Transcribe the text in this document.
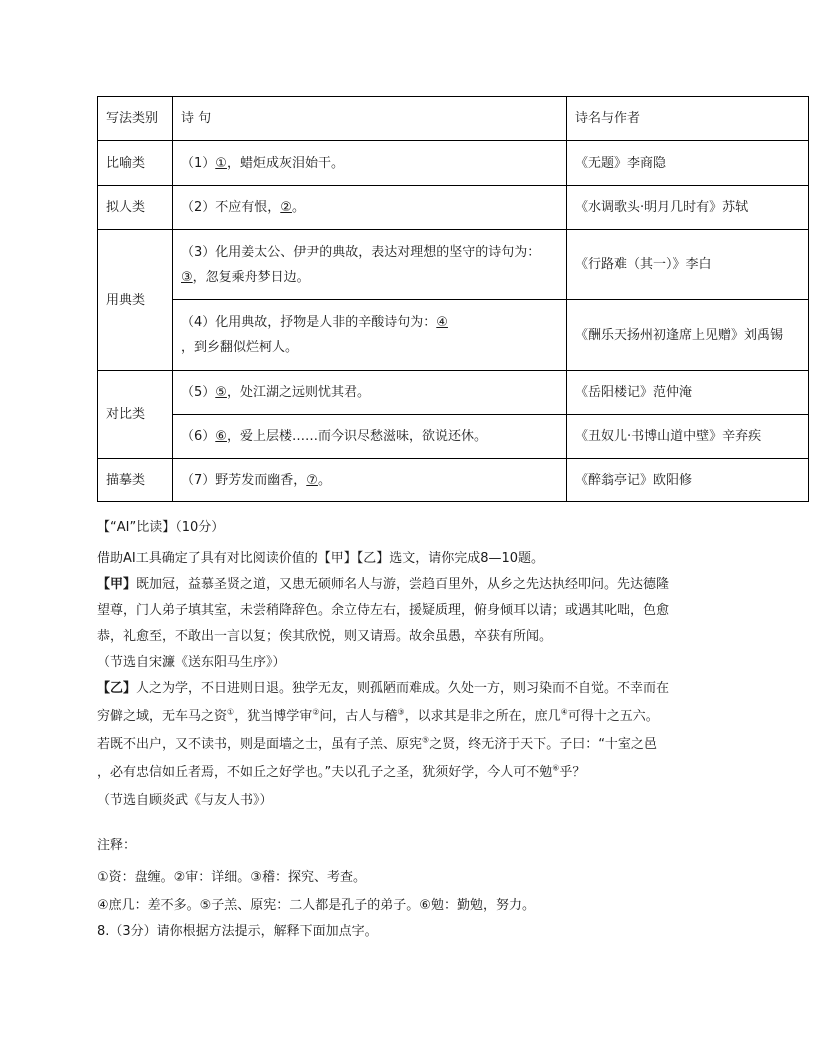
写法类别	诗 句	诗名与作者
比喻类	（1）①，蜡炬成灰泪始干。	《无题》李商隐
拟人类	（2）不应有恨，②。	《水调歌头·明月几时有》苏轼
用典类	（3）化用姜太公、伊尹的典故，表达对理想的坚守的诗句为：
③，忽复乘舟梦日边。	《行路难（其一）》李白

	（4）化用典故，抒物是人非的辛酸诗句为：④
，到乡翻似烂柯人。	《酬乐天扬州初逢席上见赠》刘禹锡
对比类	（5）⑤，处江湖之远则忧其君。	《岳阳楼记》范仲淹
	（6）⑥，爱上层楼……而今识尽愁滋味，欲说还休。	《丑奴儿·书博山道中壁》辛弃疾
描摹类	（7）野芳发而幽香，⑦。	《醉翁亭记》欧阳修
【“AI”比读】（10分）
借助AI工具确定了具有对比阅读价值的【甲】【乙】选文，请你完成8—10题。
【甲】既加冠，益慕圣贤之道，又患无硕师名人与游，尝趋百里外，从乡之先达执经叩问。先达德隆
望尊，门人弟子填其室，未尝稍降辞色。余立侍左右，援疑质理，俯身倾耳以请；或遇其叱咄，色愈
恭，礼愈至，不敢出一言以复；俟其欣悦，则又请焉。故余虽愚，卒获有所闻。
（节选自宋濂《送东阳马生序》）
【乙】人之为学，不日进则日退。独学无友，则孤陋而难成。久处一方，则习染而不自觉。不幸而在
穷僻之域，无车马之资①，犹当博学审②问，古人与稽③，以求其是非之所在，庶几④可得十之五六。
若既不出户，又不读书，则是面墙之士，虽有子羔、原宪⑤之贤，终无济于天下。子曰：“十室之邑
，必有忠信如丘者焉，不如丘之好学也。”夫以孔子之圣，犹须好学，今人可不勉⑥乎？
（节选自顾炎武《与友人书》）
注释：
①资：盘缠。②审：详细。③稽：探究、考查。
④庶几：差不多。⑤子羔、原宪：二人都是孔子的弟子。⑥勉：勤勉，努力。
8.（3分）请你根据方法提示，解释下面加点字。
